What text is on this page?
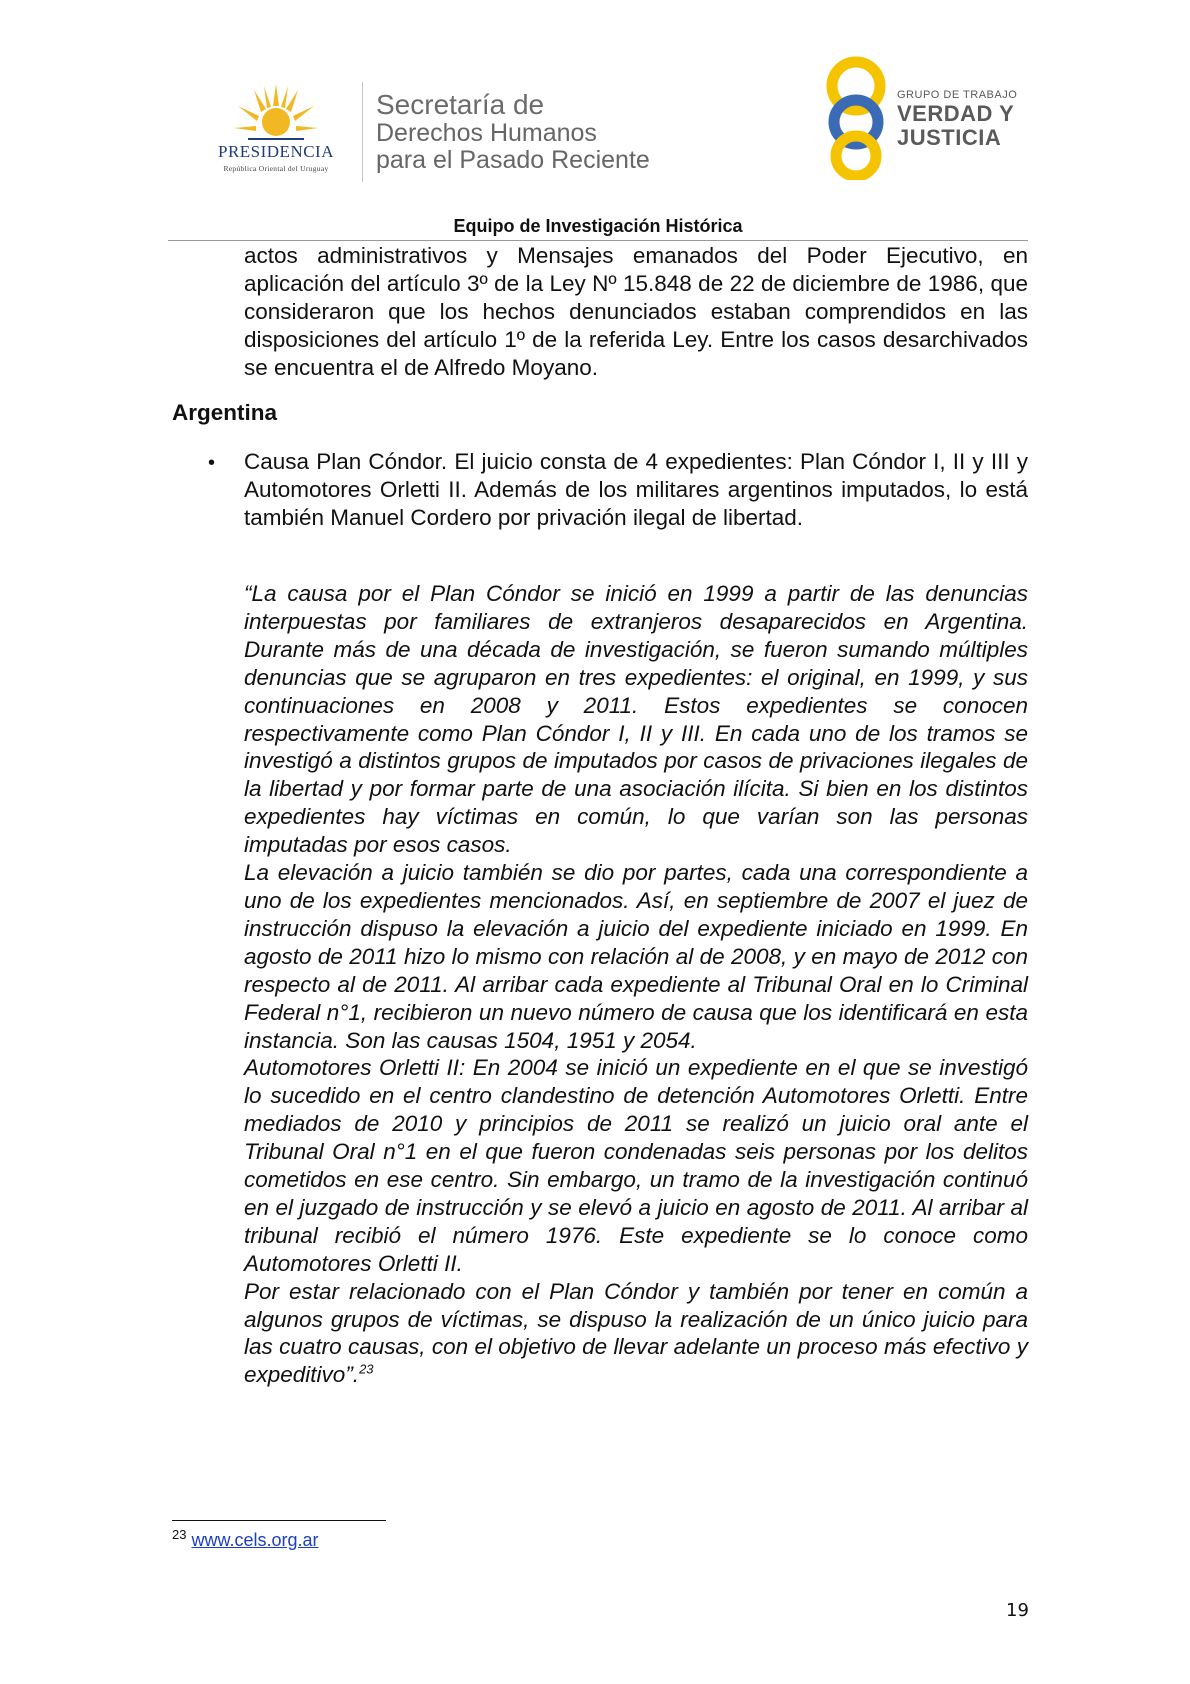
PRESIDENCIA
República Oriental del Uruguay
Secretaría de
Derechos Humanos
para el Pasado Reciente
GRUPO DE TRABAJO
VERDAD Y
JUSTICIA
Equipo de Investigación Histórica
actos administrativos y Mensajes emanados del Poder Ejecutivo, en aplicación del artículo 3º de la Ley Nº 15.848 de 22 de diciembre de 1986, que consideraron que los hechos denunciados estaban comprendidos en las disposiciones del artículo 1º de la referida Ley. Entre los casos desarchivados se encuentra el de Alfredo Moyano.
Argentina
• Causa Plan Cóndor. El juicio consta de 4 expedientes: Plan Cóndor I, II y III y Automotores Orletti II. Además de los militares argentinos imputados, lo está también Manuel Cordero por privación ilegal de libertad.

“La causa por el Plan Cóndor se inició en 1999 a partir de las denuncias interpuestas por familiares de extranjeros desaparecidos en Argentina. Durante más de una década de investigación, se fueron sumando múltiples denuncias que se agruparon en tres expedientes: el original, en 1999, y sus continuaciones en 2008 y 2011. Estos expedientes se conocen respectivamente como Plan Cóndor I, II y III. En cada uno de los tramos se investigó a distintos grupos de imputados por casos de privaciones ilegales de la libertad y por formar parte de una asociación ilícita. Si bien en los distintos expedientes hay víctimas en común, lo que varían son las personas imputadas por esos casos.

La elevación a juicio también se dio por partes, cada una correspondiente a uno de los expedientes mencionados. Así, en septiembre de 2007 el juez de instrucción dispuso la elevación a juicio del expediente iniciado en 1999. En agosto de 2011 hizo lo mismo con relación al de 2008, y en mayo de 2012 con respecto al de 2011. Al arribar cada expediente al Tribunal Oral en lo Criminal Federal n°1, recibieron un nuevo número de causa que los identificará en esta instancia. Son las causas 1504, 1951 y 2054.

Automotores Orletti II: En 2004 se inició un expediente en el que se investigó lo sucedido en el centro clandestino de detención Automotores Orletti. Entre mediados de 2010 y principios de 2011 se realizó un juicio oral ante el Tribunal Oral n°1 en el que fueron condenadas seis personas por los delitos cometidos en ese centro. Sin embargo, un tramo de la investigación continuó en el juzgado de instrucción y se elevó a juicio en agosto de 2011. Al arribar al tribunal recibió el número 1976. Este expediente se lo conoce como Automotores Orletti II.

Por estar relacionado con el Plan Cóndor y también por tener en común a algunos grupos de víctimas, se dispuso la realización de un único juicio para las cuatro causas, con el objetivo de llevar adelante un proceso más efectivo y expeditivo”.$^{23}$

$^{23}$ www.cels.org.ar
19
